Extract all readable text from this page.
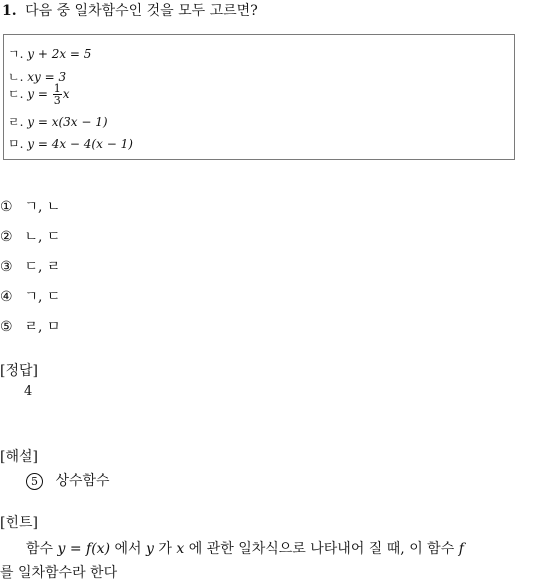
1. 다음 중 일차함수인 것을 모두 고르면?
ㄱ. y + 2x = 5
ㄴ. xy = 3
ㄷ. $y = \frac{1}{3}$ x
ㄹ. y = x(3x − 1)
ㅁ. y = 4x − 4(x − 1)
① ㄱ, ㄴ
② ㄴ, ㄷ
③ ㄷ, ㄹ
④ ㄱ, ㄷ
⑤ ㄹ, ㅁ
[정답]
4
[해설]
5 상수함수
[힌트]
함수 y = f(x) 에서 y 가 x 에 관한 일차식으로 나타내어 질 때, 이 함수 f
를 일차함수라 한다
